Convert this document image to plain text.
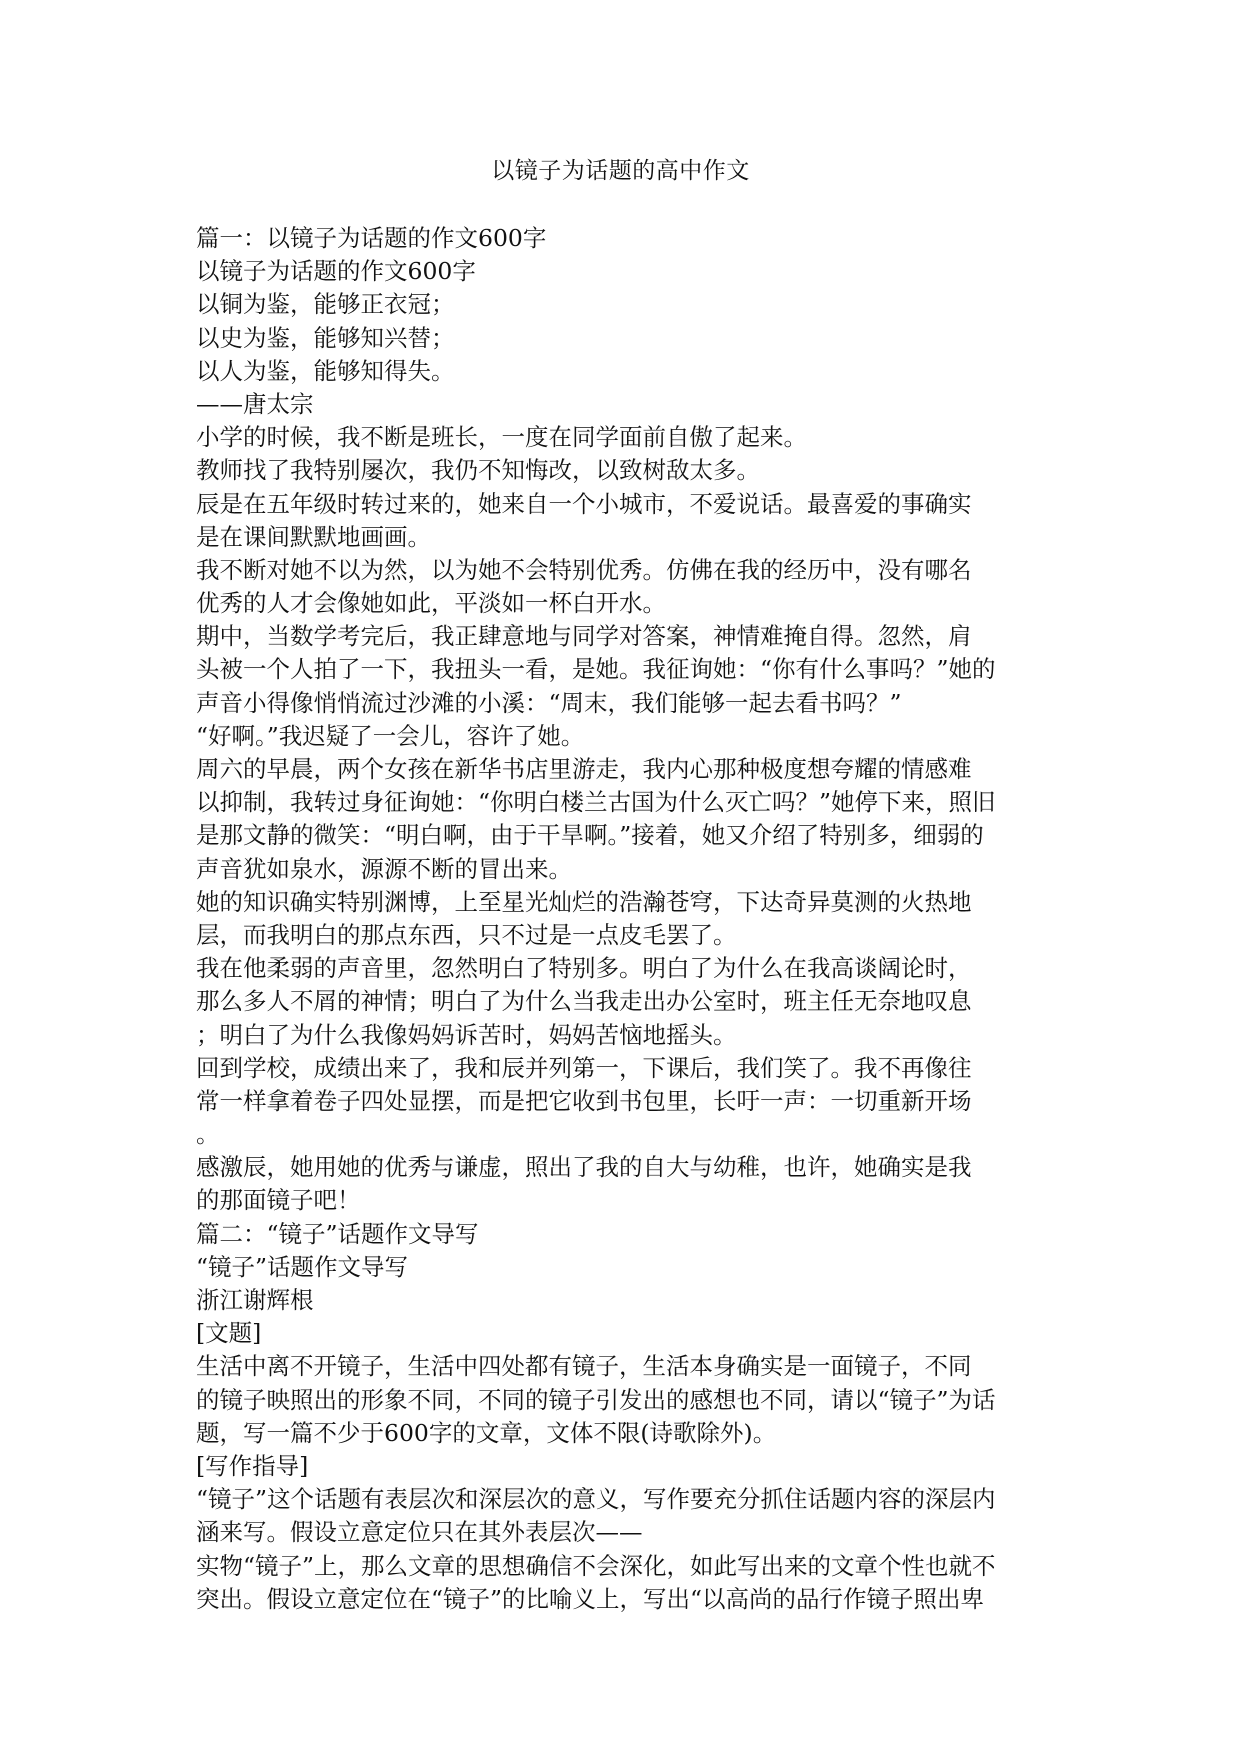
以镜子为话题的高中作文
篇一：以镜子为话题的作文600字
以镜子为话题的作文600字
以铜为鉴，能够正衣冠；
以史为鉴，能够知兴替；
以人为鉴，能够知得失。
——唐太宗
小学的时候，我不断是班长，一度在同学面前自傲了起来。
教师找了我特别屡次，我仍不知悔改，以致树敌太多。
辰是在五年级时转过来的，她来自一个小城市，不爱说话。最喜爱的事确实
是在课间默默地画画。
我不断对她不以为然，以为她不会特别优秀。仿佛在我的经历中，没有哪名
优秀的人才会像她如此，平淡如一杯白开水。
期中，当数学考完后，我正肆意地与同学对答案，神情难掩自得。忽然，肩
头被一个人拍了一下，我扭头一看，是她。我征询她：“你有什么事吗？”她的
声音小得像悄悄流过沙滩的小溪：“周末，我们能够一起去看书吗？”
“好啊。”我迟疑了一会儿，容许了她。
周六的早晨，两个女孩在新华书店里游走，我内心那种极度想夸耀的情感难
以抑制，我转过身征询她：“你明白楼兰古国为什么灭亡吗？”她停下来，照旧
是那文静的微笑：“明白啊，由于干旱啊。”接着，她又介绍了特别多，细弱的
声音犹如泉水，源源不断的冒出来。
她的知识确实特别渊博，上至星光灿烂的浩瀚苍穹，下达奇异莫测的火热地
层，而我明白的那点东西，只不过是一点皮毛罢了。
我在他柔弱的声音里，忽然明白了特别多。明白了为什么在我高谈阔论时，
那么多人不屑的神情；明白了为什么当我走出办公室时，班主任无奈地叹息
；明白了为什么我像妈妈诉苦时，妈妈苦恼地摇头。
回到学校，成绩出来了，我和辰并列第一，下课后，我们笑了。我不再像往
常一样拿着卷子四处显摆，而是把它收到书包里，长吁一声：一切重新开场
。
感激辰，她用她的优秀与谦虚，照出了我的自大与幼稚，也许，她确实是我
的那面镜子吧！
篇二：“镜子”话题作文导写
“镜子”话题作文导写
浙江谢辉根
[文题]
生活中离不开镜子，生活中四处都有镜子，生活本身确实是一面镜子，不同
的镜子映照出的形象不同，不同的镜子引发出的感想也不同，请以“镜子”为话
题，写一篇不少于600字的文章，文体不限(诗歌除外)。
[写作指导]
“镜子”这个话题有表层次和深层次的意义，写作要充分抓住话题内容的深层内
涵来写。假设立意定位只在其外表层次——
实物“镜子”上，那么文章的思想确信不会深化，如此写出来的文章个性也就不
突出。假设立意定位在“镜子”的比喻义上，写出“以高尚的品行作镜子照出卑
